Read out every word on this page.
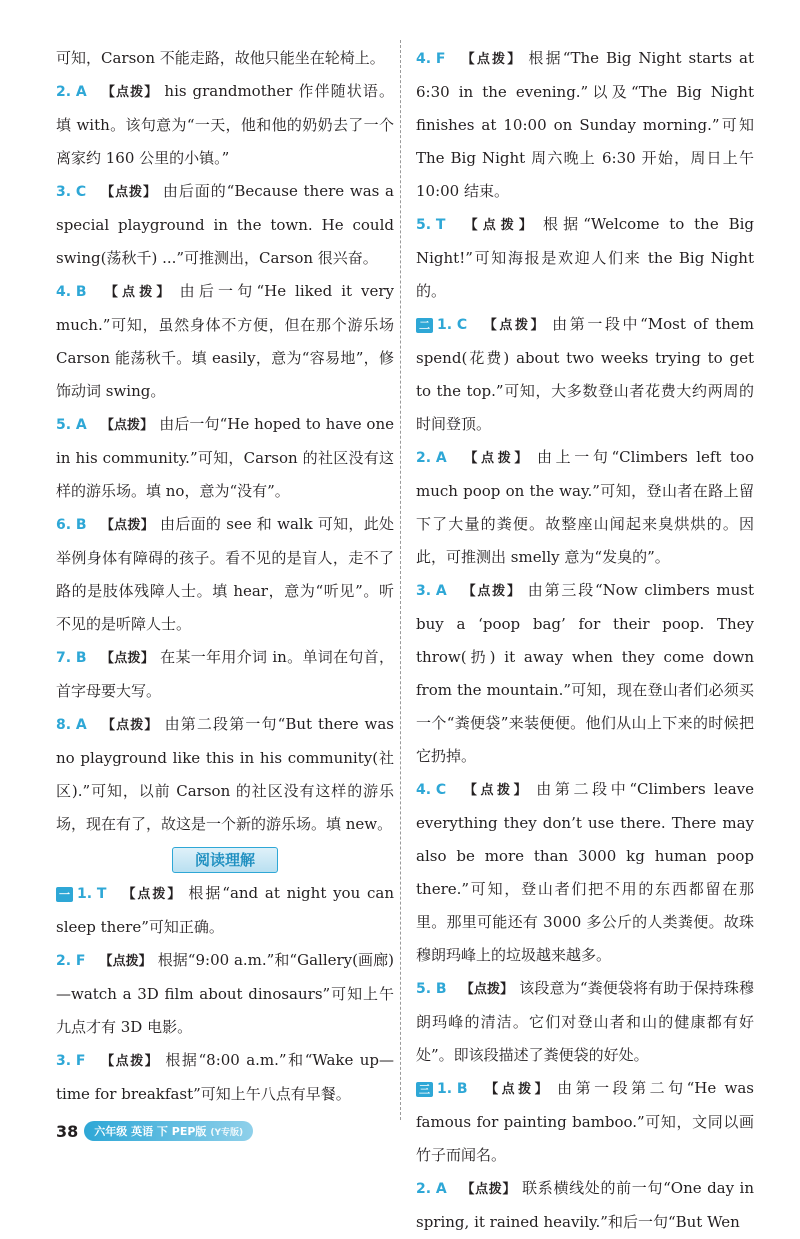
可知，Carson 不能走路，故他只能坐在轮椅上。
2. A 【点拨】 his grandmother 作伴随状语。填 with。该句意为“一天，他和他的奶奶去了一个离家约 160 公里的小镇。”
3. C 【点拨】 由后面的“Because there was a special playground in the town. He could swing(荡秋千) ...”可推测出，Carson 很兴奋。
4. B 【点拨】 由后一句“He liked it very much.”可知，虽然身体不方便，但在那个游乐场 Carson 能荡秋千。填 easily，意为“容易地”，修饰动词 swing。
5. A 【点拨】 由后一句“He hoped to have one in his community.”可知，Carson 的社区没有这样的游乐场。填 no，意为“没有”。
6. B 【点拨】 由后面的 see 和 walk 可知，此处举例身体有障碍的孩子。看不见的是盲人，走不了路的是肢体残障人士。填 hear，意为“听见”。听不见的是听障人士。
7. B 【点拨】 在某一年用介词 in。单词在句首，首字母要大写。
8. A 【点拨】 由第二段第一句“But there was no playground like this in his community(社区).”可知，以前 Carson 的社区没有这样的游乐场，现在有了，故这是一个新的游乐场。填 new。
阅读理解
一 1. T 【点拨】 根据“and at night you can sleep there”可知正确。
2. F 【点拨】 根据“9:00 a.m.”和“Gallery(画廊)—watch a 3D film about dinosaurs”可知上午九点才有 3D 电影。
3. F 【点拨】 根据“8:00 a.m.”和“Wake up—time for breakfast”可知上午八点有早餐。
4. F 【点拨】 根据“The Big Night starts at 6:30 in the evening.”以及“The Big Night finishes at 10:00 on Sunday morning.”可知 The Big Night 周六晚上 6:30 开始，周日上午 10:00 结束。
5. T 【点拨】 根据“Welcome to the Big Night!”可知海报是欢迎人们来 the Big Night 的。
二 1. C 【点拨】 由第一段中“Most of them spend(花费) about two weeks trying to get to the top.”可知，大多数登山者花费大约两周的时间登顶。
2. A 【点拨】 由上一句“Climbers left too much poop on the way.”可知，登山者在路上留下了大量的粪便。故整座山闻起来臭烘烘的。因此，可推测出 smelly 意为“发臭的”。
3. A 【点拨】 由第三段“Now climbers must buy a ‘poop bag’ for their poop. They throw(扔) it away when they come down from the mountain.”可知，现在登山者们必须买一个“粪便袋”来装便便。他们从山上下来的时候把它扔掉。
4. C 【点拨】 由第二段中“Climbers leave everything they don’t use there. There may also be more than 3000 kg human poop there.”可知，登山者们把不用的东西都留在那里。那里可能还有 3000 多公斤的人类粪便。故珠穆朗玛峰上的垃圾越来越多。
5. B 【点拨】 该段意为“粪便袋将有助于保持珠穆朗玛峰的清洁。它们对登山者和山的健康都有好处”。即该段描述了粪便袋的好处。
三 1. B 【点拨】 由第一段第二句“He was famous for painting bamboo.”可知，文同以画竹子而闻名。
2. A 【点拨】 联系横线处的前一句“One day in spring, it rained heavily.”和后一句“But Wen
38	六年级 英语 下 PEP版 (Y专版)
